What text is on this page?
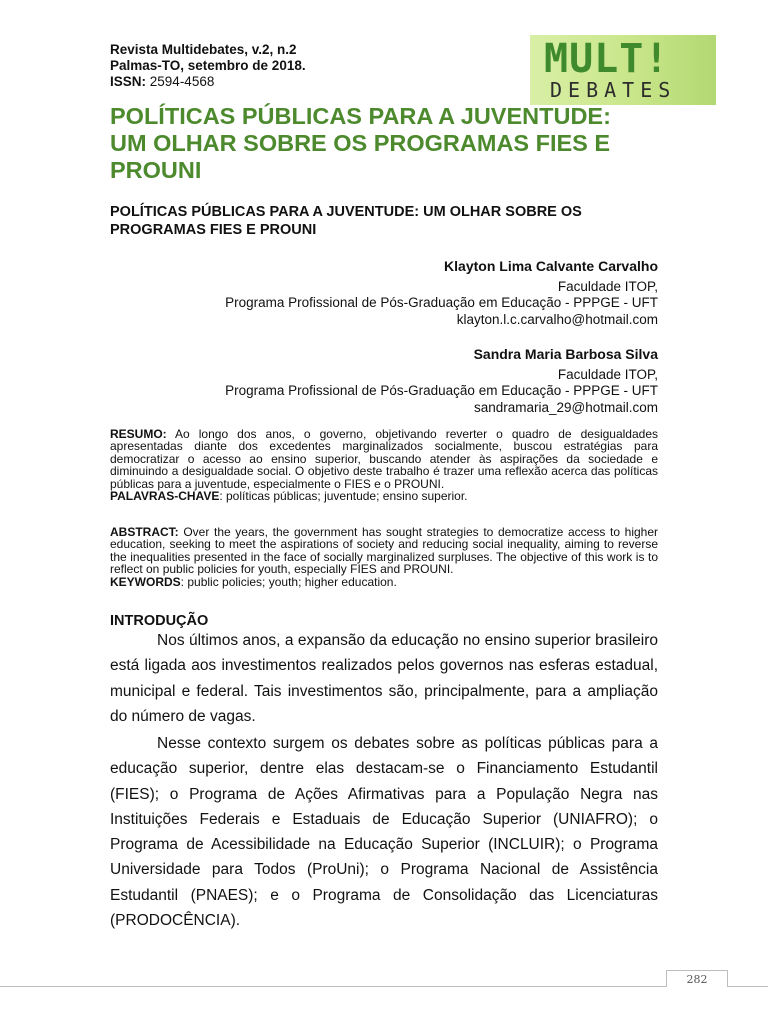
Revista Multidebates, v.2, n.2
Palmas-TO, setembro de 2018.
ISSN: 2594-4568	MULT!
DEBATES
POLÍTICAS PÚBLICAS PARA A JUVENTUDE: UM OLHAR SOBRE OS PROGRAMAS FIES E PROUNI
POLÍTICAS PÚBLICAS PARA A JUVENTUDE: UM OLHAR SOBRE OS PROGRAMAS FIES E PROUNI
Klayton Lima Calvante Carvalho
Faculdade ITOP,
Programa Profissional de Pós-Graduação em Educação - PPPGE - UFT
klayton.l.c.carvalho@hotmail.com
Sandra Maria Barbosa Silva
Faculdade ITOP,
Programa Profissional de Pós-Graduação em Educação - PPPGE - UFT
sandramaria_29@hotmail.com
RESUMO: Ao longo dos anos, o governo, objetivando reverter o quadro de desigualdades apresentadas diante dos excedentes marginalizados socialmente, buscou estratégias para democratizar o acesso ao ensino superior, buscando atender às aspirações da sociedade e diminuindo a desigualdade social. O objetivo deste trabalho é trazer uma reflexão acerca das políticas públicas para a juventude, especialmente o FIES e o PROUNI.
PALAVRAS-CHAVE: políticas públicas; juventude; ensino superior.
ABSTRACT: Over the years, the government has sought strategies to democratize access to higher education, seeking to meet the aspirations of society and reducing social inequality, aiming to reverse the inequalities presented in the face of socially marginalized surpluses. The objective of this work is to reflect on public policies for youth, especially FIES and PROUNI.
KEYWORDS: public policies; youth; higher education.
INTRODUÇÃO

Nos últimos anos, a expansão da educação no ensino superior brasileiro está ligada aos investimentos realizados pelos governos nas esferas estadual, municipal e federal. Tais investimentos são, principalmente, para a ampliação do número de vagas.

Nesse contexto surgem os debates sobre as políticas públicas para a educação superior, dentre elas destacam-se o Financiamento Estudantil (FIES); o Programa de Ações Afirmativas para a População Negra nas Instituições Federais e Estaduais de Educação Superior (UNIAFRO); o Programa de Acessibilidade na Educação Superior (INCLUIR); o Programa Universidade para Todos (ProUni); o Programa Nacional de Assistência Estudantil (PNAES); e o Programa de Consolidação das Licenciaturas (PRODOCÊNCIA).

282
